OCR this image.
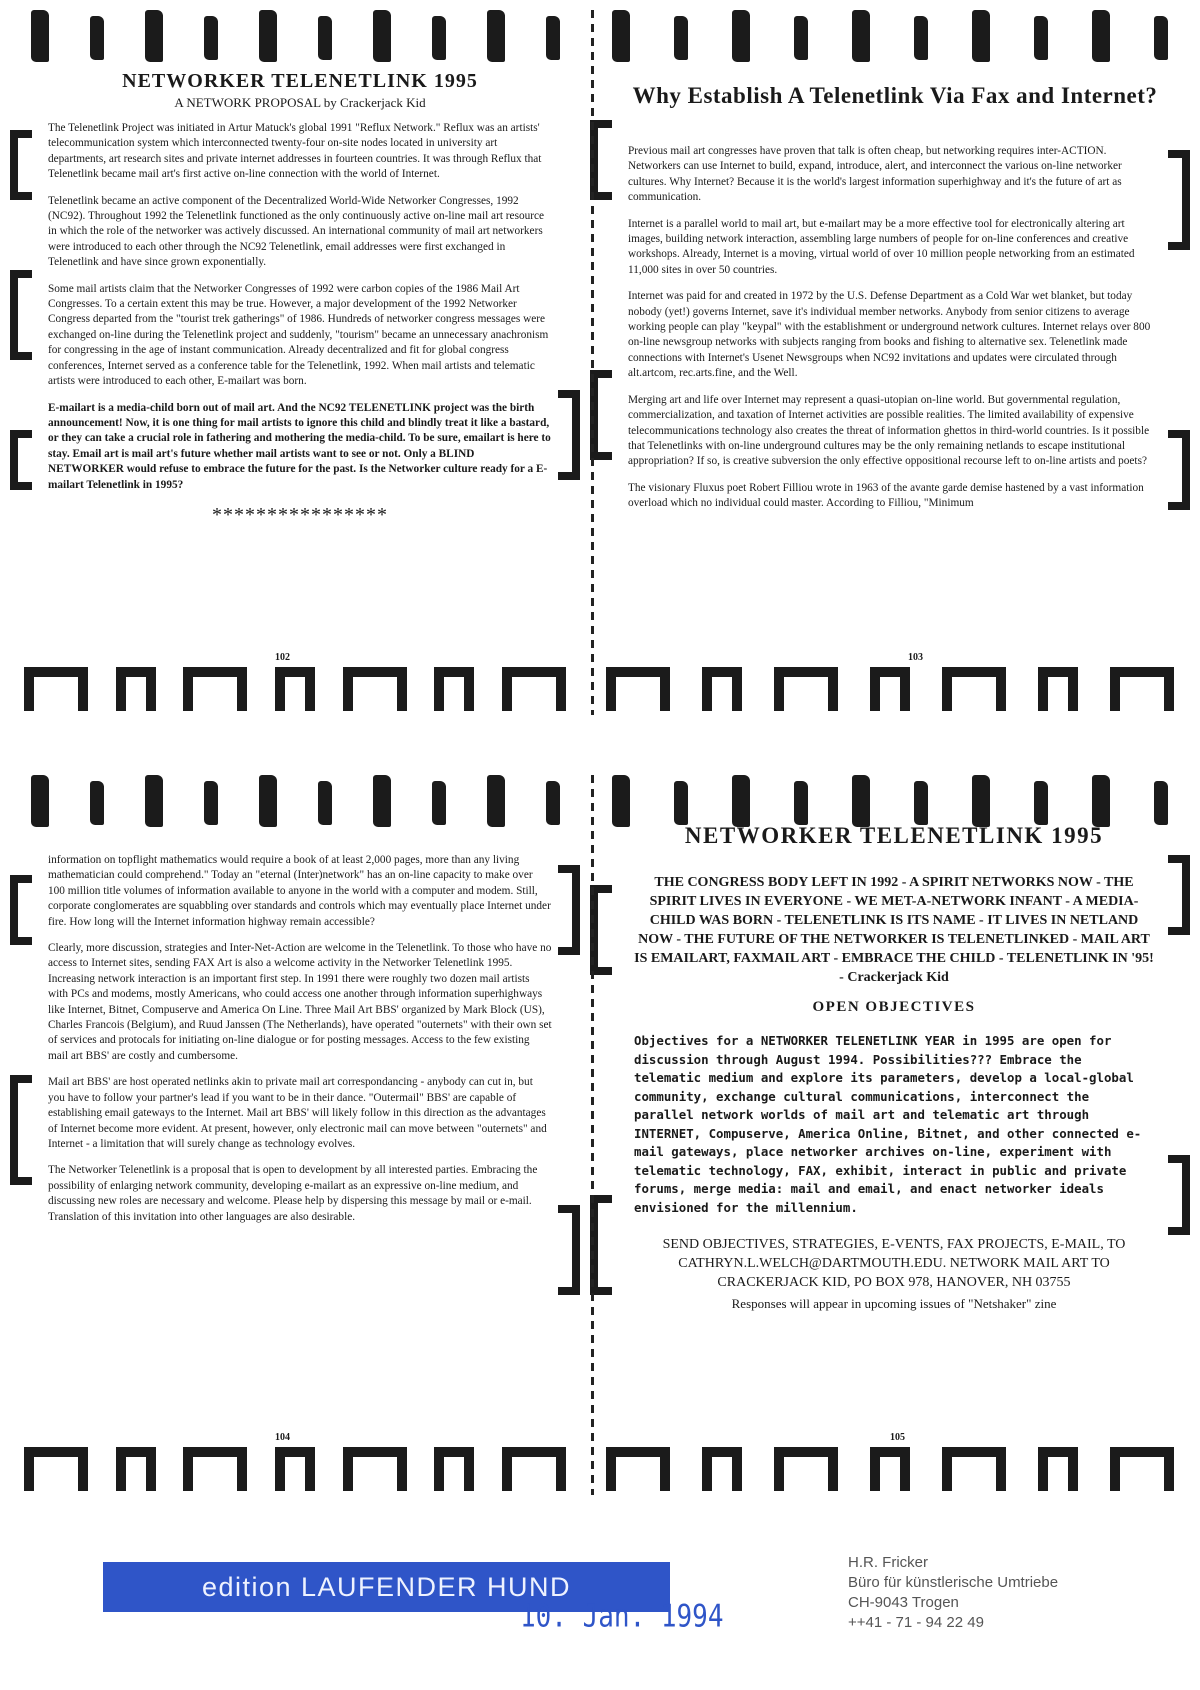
NETWORKER TELENETLINK 1995
A NETWORK PROPOSAL by Crackerjack Kid

The Telenetlink Project was initiated in Artur Matuck's global 1991 "Reflux Network." Reflux was an artists' telecommunication system which interconnected twenty-four on-site nodes located in university art departments, art research sites and private internet addresses in fourteen countries. It was through Reflux that Telenetlink became mail art's first active on-line connection with the world of Internet.

Telenetlink became an active component of the Decentralized World-Wide Networker Congresses, 1992 (NC92). Throughout 1992 the Telenetlink functioned as the only continuously active on-line mail art resource in which the role of the networker was actively discussed. An international community of mail art networkers were introduced to each other through the NC92 Telenetlink, email addresses were first exchanged in Telenetlink and have since grown exponentially.

Some mail artists claim that the Networker Congresses of 1992 were carbon copies of the 1986 Mail Art Congresses. To a certain extent this may be true. However, a major development of the 1992 Networker Congress departed from the "tourist trek gatherings" of 1986. Hundreds of networker congress messages were exchanged on-line during the Telenetlink project and suddenly, "tourism" became an unnecessary anachronism for congressing in the age of instant communication. Already decentralized and fit for global congress conferences, Internet served as a conference table for the Telenetlink, 1992. When mail artists and telematic artists were introduced to each other, E-mailart was born.

E-mailart is a media-child born out of mail art. And the NC92 TELENETLINK project was the birth announcement! Now, it is one thing for mail artists to ignore this child and blindly treat it like a bastard, or they can take a crucial role in fathering and mothering the media-child. To be sure, emailart is here to stay. Email art is mail art's future whether mail artists want to see or not. Only a BLIND NETWORKER would refuse to embrace the future for the past. Is the Networker culture ready for a E-mailart Telenetlink in 1995?

****************
102
Why Establish A Telenetlink Via Fax and Internet?

Previous mail art congresses have proven that talk is often cheap, but networking requires inter-ACTION. Networkers can use Internet to build, expand, introduce, alert, and interconnect the various on-line networker cultures. Why Internet? Because it is the world's largest information superhighway and it's the future of art as communication.

Internet is a parallel world to mail art, but e-mailart may be a more effective tool for electronically altering art images, building network interaction, assembling large numbers of people for on-line conferences and creative workshops. Already, Internet is a moving, virtual world of over 10 million people networking from an estimated 11,000 sites in over 50 countries.

Internet was paid for and created in 1972 by the U.S. Defense Department as a Cold War wet blanket, but today nobody (yet!) governs Internet, save it's individual member networks. Anybody from senior citizens to average working people can play "keypal" with the establishment or underground network cultures. Internet relays over 800 on-line newsgroup networks with subjects ranging from books and fishing to alternative sex. Telenetlink made connections with Internet's Usenet Newsgroups when NC92 invitations and updates were circulated through alt.artcom, rec.arts.fine, and the Well.

Merging art and life over Internet may represent a quasi-utopian on-line world. But governmental regulation, commercialization, and taxation of Internet activities are possible realities. The limited availability of expensive telecommunications technology also creates the threat of information ghettos in third-world countries. Is it possible that Telenetlinks with on-line underground cultures may be the only remaining netlands to escape institutional appropriation? If so, is creative subversion the only effective oppositional recourse left to on-line artists and poets?

The visionary Fluxus poet Robert Filliou wrote in 1963 of the avante garde demise hastened by a vast information overload which no individual could master. According to Filliou, "Minimum

103

information on topflight mathematics would require a book of at least 2,000 pages, more than any living mathematician could comprehend." Today an "eternal (Inter)network" has an on-line capacity to make over 100 million title volumes of information available to anyone in the world with a computer and modem. Still, corporate conglomerates are squabbling over standards and controls which may eventually place Internet under fire. How long will the Internet information highway remain accessible?

Clearly, more discussion, strategies and Inter-Net-Action are welcome in the Telenetlink. To those who have no access to Internet sites, sending FAX Art is also a welcome activity in the Networker Telenetlink 1995. Increasing network interaction is an important first step. In 1991 there were roughly two dozen mail artists with PCs and modems, mostly Americans, who could access one another through information superhighways like Internet, Bitnet, Compuserve and America On Line. Three Mail Art BBS' organized by Mark Block (US), Charles Francois (Belgium), and Ruud Janssen (The Netherlands), have operated "outernets" with their own set of services and protocals for initiating on-line dialogue or for posting messages. Access to the few existing mail art BBS' are costly and cumbersome.

Mail art BBS' are host operated netlinks akin to private mail art correspondancing - anybody can cut in, but you have to follow your partner's lead if you want to be in their dance. "Outermail" BBS' are capable of establishing email gateways to the Internet. Mail art BBS' will likely follow in this direction as the advantages of Internet become more evident. At present, however, only electronic mail can move between "outernets" and Internet - a limitation that will surely change as technology evolves.

The Networker Telenetlink is a proposal that is open to development by all interested parties. Embracing the possibility of enlarging network community, developing e-mailart as an expressive on-line medium, and discussing new roles are necessary and welcome. Please help by dispersing this message by mail or e-mail. Translation of this invitation into other languages are also desirable.

104
NETWORKER TELENETLINK 1995

THE CONGRESS BODY LEFT IN 1992 - A SPIRIT NETWORKS NOW - THE SPIRIT LIVES IN EVERYONE - WE MET-A-NETWORK INFANT - A MEDIA-CHILD WAS BORN - TELENETLINK IS ITS NAME - IT LIVES IN NETLAND NOW - THE FUTURE OF THE NETWORKER IS TELENETLINKED - MAIL ART IS EMAILART, FAXMAIL ART - EMBRACE THE CHILD - TELENETLINK IN '95! - Crackerjack Kid

OPEN OBJECTIVES

Objectives for a NETWORKER TELENETLINK YEAR in 1995 are open for discussion through August 1994. Possibilities??? Embrace the telematic medium and explore its parameters, develop a local-global community, exchange cultural communications, interconnect the parallel network worlds of mail art and telematic art through INTERNET, Compuserve, America Online, Bitnet, and other connected e-mail gateways, place networker archives on-line, experiment with telematic technology, FAX, exhibit, interact in public and private forums, merge media: mail and email, and enact networker ideals envisioned for the millennium.

SEND OBJECTIVES, STRATEGIES, E-VENTS, FAX PROJECTS, E-MAIL, TO CATHRYN.L.WELCH@DARTMOUTH.EDU. NETWORK MAIL ART TO CRACKERJACK KID, PO BOX 978, HANOVER, NH 03755

Responses will appear in upcoming issues of "Netshaker" zine

105
edition LAUFENDER HUND
10. Jan. 1994
H.R. Fricker
Büro für künstlerische Umtriebe
CH-9043 Trogen
++41 - 71 - 94 22 49
